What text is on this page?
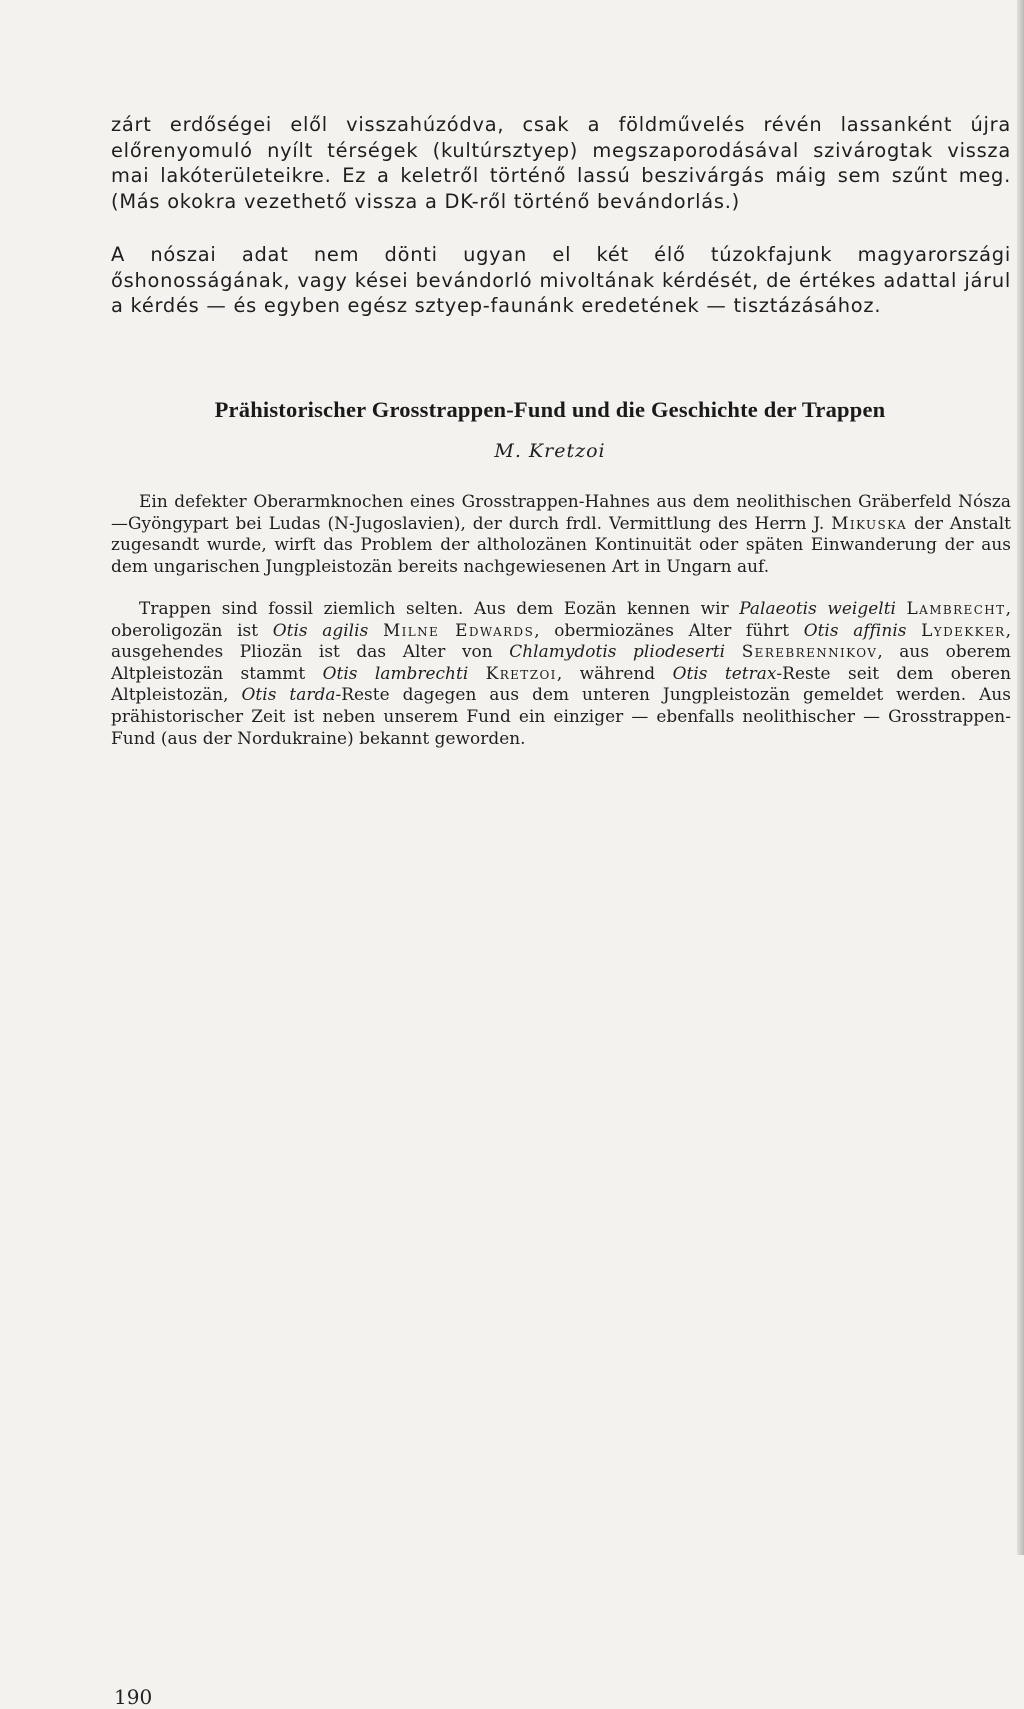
zárt erdőségei elől visszahúzódva, csak a földművelés révén lassanként újra előrenyomuló nyílt térségek (kultúrsztyep) megszaporodásával szivárogtak vissza mai lakóterületeikre. Ez a keletről történő lassú beszivárgás máig sem szűnt meg. (Más okokra vezethető vissza a DK-ről történő bevándorlás.)

A nószai adat nem dönti ugyan el két élő túzokfajunk magyarországi őshonosságának, vagy kései bevándorló mivoltának kérdését, de értékes adattal járul a kérdés — és egyben egész sztyep-faunánk eredetének — tisztázásához.

Prähistorischer Grosstrappen-Fund und die Geschichte der Trappen

M. Kretzoi

Ein defekter Oberarmknochen eines Grosstrappen-Hahnes aus dem neolithischen Gräberfeld Nósza—Gyöngypart bei Ludas (N-Jugoslavien), der durch frdl. Vermittlung des Herrn J. Mikuska der Anstalt zugesandt wurde, wirft das Problem der altholozänen Kontinuität oder späten Einwanderung der aus dem ungarischen Jungpleistozän bereits nachgewiesenen Art in Ungarn auf.

Trappen sind fossil ziemlich selten. Aus dem Eozän kennen wir Palaeotis weigelti Lambrecht, oberoligozän ist Otis agilis Milne Edwards, obermiozänes Alter führt Otis affinis Lydekker, ausgehendes Pliozän ist das Alter von Chlamydotis pliodeserti Serebrennikov, aus oberem Altpleistozän stammt Otis lambrechti Kretzoi, während Otis tetrax-Reste seit dem oberen Altpleistozän, Otis tarda-Reste dagegen aus dem unteren Jungpleistozän gemeldet werden. Aus prähistorischer Zeit ist neben unserem Fund ein einziger — ebenfalls neolithischer — Grosstrappen-Fund (aus der Nordukraine) bekannt geworden.

190
